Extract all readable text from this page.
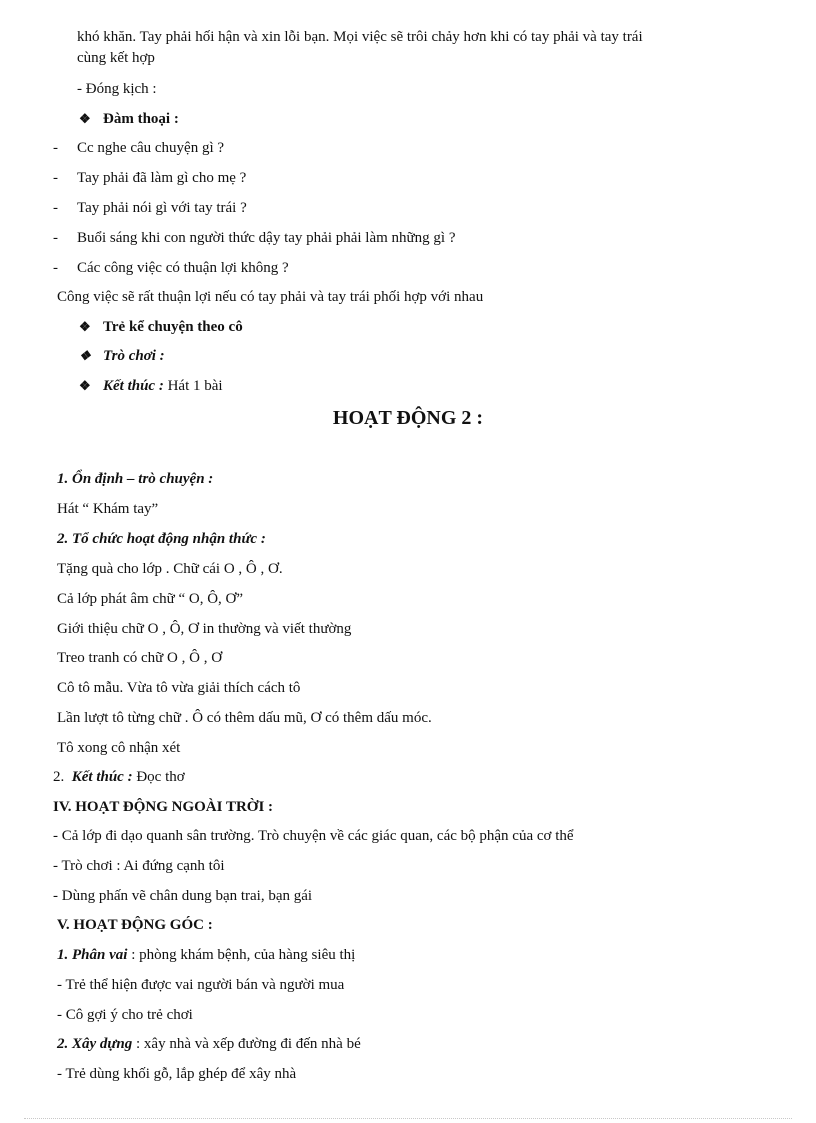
khó khăn. Tay phải hối hận và xin lỗi bạn. Mọi việc sẽ trôi chảy hơn khi có tay phải và tay trái
cùng kết hợp
- Đóng kịch :
❖ Đàm thoại :
- Cc nghe câu chuyện gì ?
- Tay phải đã làm gì cho mẹ ?
- Tay phải nói gì với tay trái ?
- Buổi sáng khi con người thức dậy tay phải phải làm những gì ?
- Các công việc có thuận lợi không ?
Công việc sẽ rất thuận lợi nếu có tay phải và tay trái phối hợp với nhau
❖ Trẻ kể chuyện theo cô
❖ Trò chơi :
❖ Kết thúc : Hát 1 bài
HOẠT ĐỘNG 2 :
1. Ổn định – trò chuyện :
Hát “ Khám tay”
2. Tổ chức hoạt động nhận thức :
Tặng quà cho lớp . Chữ cái O , Ô , Ơ.
Cả lớp phát âm chữ “ O, Ô, Ơ”
Giới thiệu chữ O , Ô, Ơ in thường và viết thường
Treo tranh có chữ O , Ô , Ơ
Cô tô mẫu. Vừa tô vừa giải thích cách tô
Lần lượt tô từng chữ . Ô có thêm dấu mũ, Ơ có thêm dấu móc.
Tô xong cô nhận xét
2. Kết thúc : Đọc thơ
IV. HOẠT ĐỘNG NGOÀI TRỜI :
- Cả lớp đi dạo quanh sân trường. Trò chuyện về các giác quan, các bộ phận của cơ thể
- Trò chơi : Ai đứng cạnh tôi
- Dùng phấn vẽ chân dung bạn trai, bạn gái
V. HOẠT ĐỘNG GÓC :
1. Phân vai : phòng khám bệnh, của hàng siêu thị
- Trẻ thể hiện được vai người bán và người mua
- Cô gợi ý cho trẻ chơi
2. Xây dựng : xây nhà và xếp đường đi đến nhà bé
- Trẻ dùng khối gỗ, lắp ghép để xây nhà
